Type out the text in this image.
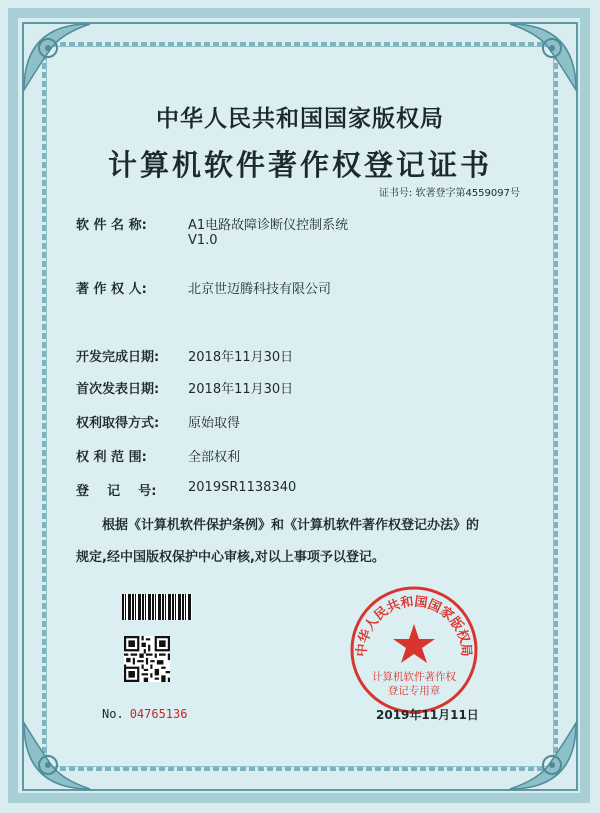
中华人民共和国国家版权局
计算机软件著作权登记证书
证书号: 软著登字第4559097号
软 件 名 称:	A1电路故障诊断仪控制系统
V1.0
著 作 权 人:	北京世迈腾科技有限公司
开发完成日期: 2018年11月30日
首次发表日期: 2018年11月30日
权利取得方式: 原始取得
权 利 范 围:	全部权利
登    记    号: 2019SR1138340
根据《计算机软件保护条例》和《计算机软件著作权登记办法》的
规定,经中国版权保护中心审核,对以上事项予以登记。
No. 04765136
中华人民共和国国家版权局
计算机软件著作权
登记专用章
2019年11月11日
